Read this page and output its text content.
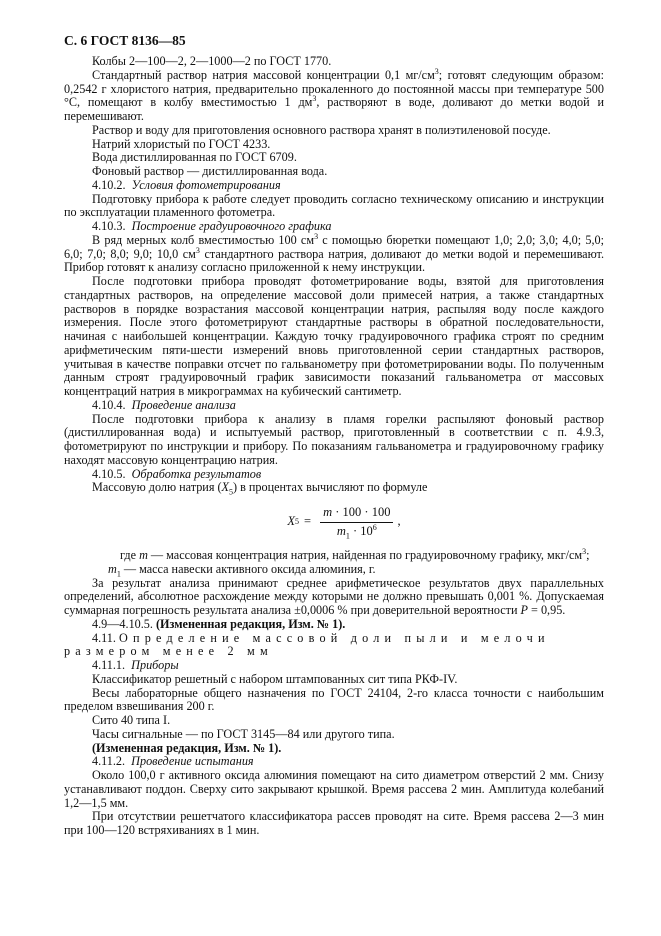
С. 6 ГОСТ 8136—85

Колбы 2—100—2, 2—1000—2 по ГОСТ 1770.

Стандартный раствор натрия массовой концентрации 0,1 $мг/см^3$; готовят следующим образом: 0,2542 г хлористого натрия, предварительно прокаленного до постоянной массы при температуре 500 °С, помещают в колбу вместимостью 1 $дм^3$, растворяют в воде, доливают до метки водой и перемешивают.

Раствор и воду для приготовления основного раствора хранят в полиэтиленовой посуде.

Натрий хлористый по ГОСТ 4233.

Вода дистиллированная по ГОСТ 6709.

Фоновый раствор — дистиллированная вода.

4.10.2. Условия фотометрирования

Подготовку прибора к работе следует проводить согласно техническому описанию и инструкции по эксплуатации пламенного фотометра.

4.10.3. Построение градуировочного графика

В ряд мерных колб вместимостью 100 $см^3$ с помощью бюретки помещают 1,0; 2,0; 3,0; 4,0; 5,0; 6,0; 7,0; 8,0; 9,0; 10,0 $см^3$ стандартного раствора натрия, доливают до метки водой и перемешивают. Прибор готовят к анализу согласно приложенной к нему инструкции.

После подготовки прибора проводят фотометрирование воды, взятой для приготовления стандартных растворов, на определение массовой доли примесей натрия, а также стандартных растворов в порядке возрастания массовой концентрации натрия, распыляя воду после каждого измерения. После этого фотометрируют стандартные растворы в обратной последовательности, начиная с наибольшей концентрации. Каждую точку градуировочного графика строят по средним арифметическим пяти-шести измерений вновь приготовленной серии стандартных растворов, учитывая в качестве поправки отсчет по гальванометру при фотометрировании воды. По полученным данным строят градуировочный график зависимости показаний гальванометра от массовых концентраций натрия в микрограммах на кубический сантиметр.

4.10.4. Проведение анализа

После подготовки прибора к анализу в пламя горелки распыляют фоновый раствор (дистиллированная вода) и испытуемый раствор, приготовленный в соответствии с п. 4.9.3, фотометрируют по инструкции и прибору. По показаниям гальванометра и градуировочному графику находят массовую концентрацию натрия.

4.10.5. Обработка результатов

Массовую долю натрия $(X_5)$ в процентах вычисляют по формуле

X $5 = \frac{m \cdot 100 \cdot 100}{m_1 \cdot 10^6}$ ,

где m — массовая концентрация натрия, найденная по градуировочному графику, мкг/$см^3$;

$m_1$ — масса навески активного оксида алюминия, г.

За результат анализа принимают среднее арифметическое результатов двух параллельных определений, абсолютное расхождение между которыми не должно превышать 0,001 %. Допускаемая суммарная погрешность результата анализа ±0,0006 % при доверительной вероятности P = 0,95.

4.9—4.10.5. (Измененная редакция, Изм. № 1).

4.11. Определение массовой доли пыли и мелочи размером менее 2 мм

4.11.1. Приборы

Классификатор решетный с набором штампованных сит типа РКФ-IV.

Весы лабораторные общего назначения по ГОСТ 24104, 2-го класса точности с наибольшим пределом взвешивания 200 г.

Сито 40 типа I.

Часы сигнальные — по ГОСТ 3145—84 или другого типа.

(Измененная редакция, Изм. № 1).

4.11.2. Проведение испытания

Около 100,0 г активного оксида алюминия помещают на сито диаметром отверстий 2 мм. Снизу устанавливают поддон. Сверху сито закрывают крышкой. Время рассева 2 мин. Амплитуда колебаний 1,2—1,5 мм.

При отсутствии решетчатого классификатора рассев проводят на сите. Время рассева 2—3 мин при 100—120 встряхиваниях в 1 мин.
